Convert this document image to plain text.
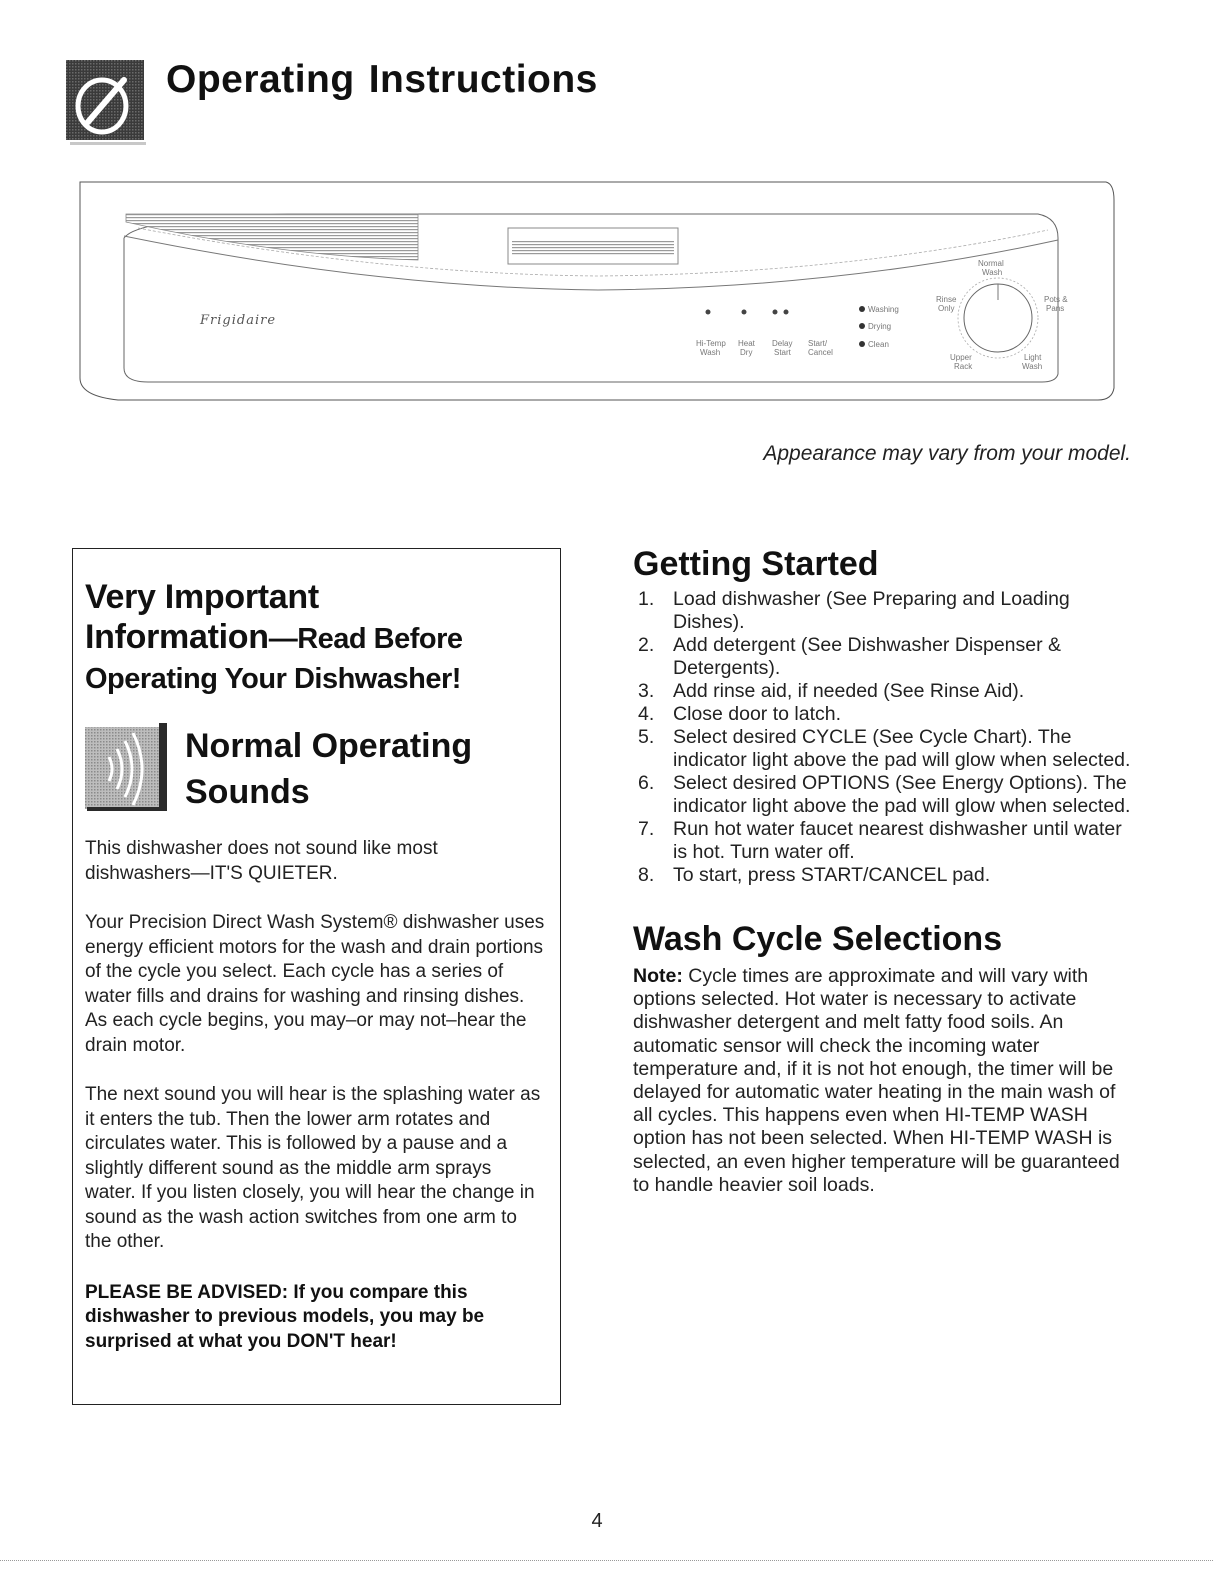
Operating Instructions
Frigidaire
Hi-Temp
Wash
Heat
Dry
Delay
Start
Start/
Cancel
Washing
Drying
Clean
Normal
Wash
Rinse
Only
Pots &
Pans
Upper
Rack
Light
Wash

Appearance may vary from your model.

Very Important
Information—Read Before
Operating Your Dishwasher!
Normal Operating
Sounds

This dishwasher does not sound like most dishwashers—IT'S QUIETER.

Your Precision Direct Wash System® dishwasher uses energy efficient motors for the wash and drain portions of the cycle you select. Each cycle has a series of water fills and drains for washing and rinsing dishes. As each cycle begins, you may–or may not–hear the drain motor.

The next sound you will hear is the splashing water as it enters the tub. Then the lower arm rotates and circulates water. This is followed by a pause and a slightly different sound as the middle arm sprays water. If you listen closely, you will hear the change in sound as the wash action switches from one arm to the other.

PLEASE BE ADVISED: If you compare this dishwasher to previous models, you may be surprised at what you DON'T hear!

Getting Started
1. Load dishwasher (See Preparing and Loading Dishes).
2. Add detergent (See Dishwasher Dispenser & Detergents).
3. Add rinse aid, if needed (See Rinse Aid).
4. Close door to latch.
5. Select desired CYCLE (See Cycle Chart). The indicator light above the pad will glow when selected.
6. Select desired OPTIONS (See Energy Options). The indicator light above the pad will glow when selected.
7. Run hot water faucet nearest dishwasher until water is hot. Turn water off.
8. To start, press START/CANCEL pad.
Wash Cycle Selections

Note: Cycle times are approximate and will vary with options selected. Hot water is necessary to activate dishwasher detergent and melt fatty food soils. An automatic sensor will check the incoming water temperature and, if it is not hot enough, the timer will be delayed for automatic water heating in the main wash of all cycles. This happens even when HI-TEMP WASH option has not been selected. When HI-TEMP WASH is selected, an even higher temperature will be guaranteed to handle heavier soil loads.

4
